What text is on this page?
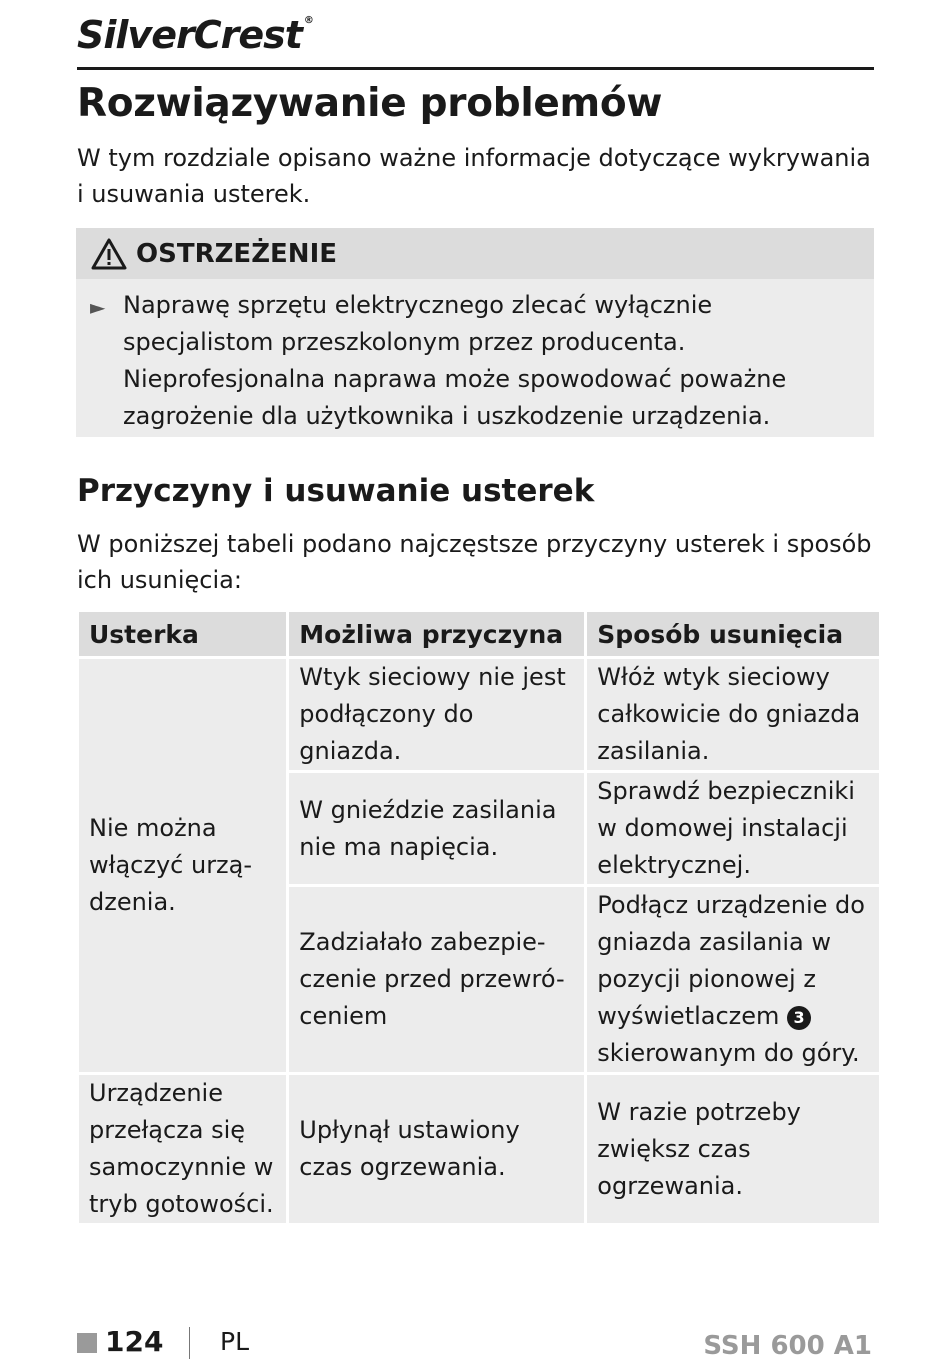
SilverCrest ®
Rozwiązywanie problemów

W tym rozdziale opisano ważne informacje dotyczące wykrywania i usuwania usterek.

OSTRZEŻENIE
► Naprawę sprzętu elektrycznego zlecać wyłącznie specjalistom przeszkolonym przez producenta. Nieprofesjonalna naprawa może spowodować poważne zagrożenie dla użytkownika i uszkodzenie urządzenia.
Przyczyny i usuwanie usterek

W poniższej tabeli podano najczęstsze przyczyny usterek i sposób ich usunięcia:

Usterka	Możliwa przyczyna	Sposób usunięcia
Nie można włączyć urzą-dzenia.	Wtyk sieciowy nie jest podłączony do gniazda.	Włóż wtyk sieciowy całkowicie do gniazda zasilania.
	W gnieździe zasilania nie ma napięcia.	Sprawdź bezpieczniki w domowej instalacji elektrycznej.
	Zadziałało zabezpie-czenie przed przewró-ceniem	Podłącz urządzenie do gniazda zasilania w pozycji pionowej z wyświetlaczem 3 skierowanym do góry.
Urządzenie przełącza się samoczynnie w tryb gotowości.	Upłynął ustawiony czas ogrzewania.	W razie potrzeby zwiększ czas ogrzewania.
124 PL	SSH 600 A1
